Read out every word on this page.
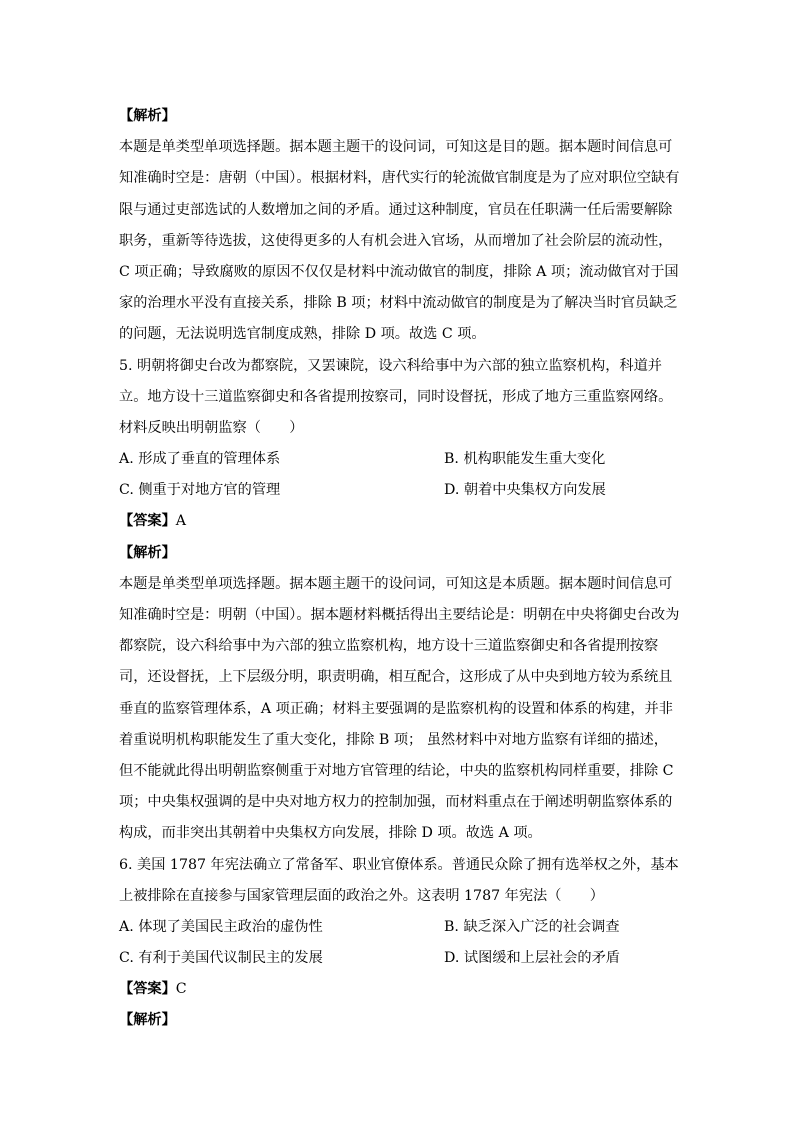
【解析】
本题是单类型单项选择题。据本题主题干的设问词，可知这是目的题。据本题时间信息可
知准确时空是：唐朝（中国）。根据材料，唐代实行的轮流做官制度是为了应对职位空缺有
限与通过吏部选试的人数增加之间的矛盾。通过这种制度，官员在任职满一任后需要解除
职务，重新等待选拔，这使得更多的人有机会进入官场，从而增加了社会阶层的流动性，
C 项正确；导致腐败的原因不仅仅是材料中流动做官的制度，排除 A 项；流动做官对于国
家的治理水平没有直接关系，排除 B 项；材料中流动做官的制度是为了解决当时官员缺乏
的问题，无法说明选官制度成熟，排除 D 项。故选 C 项。
5. 明朝将御史台改为都察院，又罢谏院，设六科给事中为六部的独立监察机构，科道并
立。地方设十三道监察御史和各省提刑按察司，同时设督抚，形成了地方三重监察网络。
材料反映出明朝监察（　　）
A. 形成了垂直的管理体系	B. 机构职能发生重大变化
C. 侧重于对地方官的管理	D. 朝着中央集权方向发展
【答案】A
【解析】
本题是单类型单项选择题。据本题主题干的设问词，可知这是本质题。据本题时间信息可
知准确时空是：明朝（中国）。据本题材料概括得出主要结论是：明朝在中央将御史台改为
都察院，设六科给事中为六部的独立监察机构，地方设十三道监察御史和各省提刑按察
司，还设督抚，上下层级分明，职责明确，相互配合，这形成了从中央到地方较为系统且
垂直的监察管理体系，A 项正确；材料主要强调的是监察机构的设置和体系的构建，并非
着重说明机构职能发生了重大变化，排除 B 项； 虽然材料中对地方监察有详细的描述，
但不能就此得出明朝监察侧重于对地方官管理的结论，中央的监察机构同样重要，排除 C
项；中央集权强调的是中央对地方权力的控制加强，而材料重点在于阐述明朝监察体系的
构成，而非突出其朝着中央集权方向发展，排除 D 项。故选 A 项。
6. 美国 1787 年宪法确立了常备军、职业官僚体系。普通民众除了拥有选举权之外，基本
上被排除在直接参与国家管理层面的政治之外。这表明 1787 年宪法（　　）
A. 体现了美国民主政治的虚伪性	B. 缺乏深入广泛的社会调查
C. 有利于美国代议制民主的发展	D. 试图缓和上层社会的矛盾
【答案】C
【解析】
